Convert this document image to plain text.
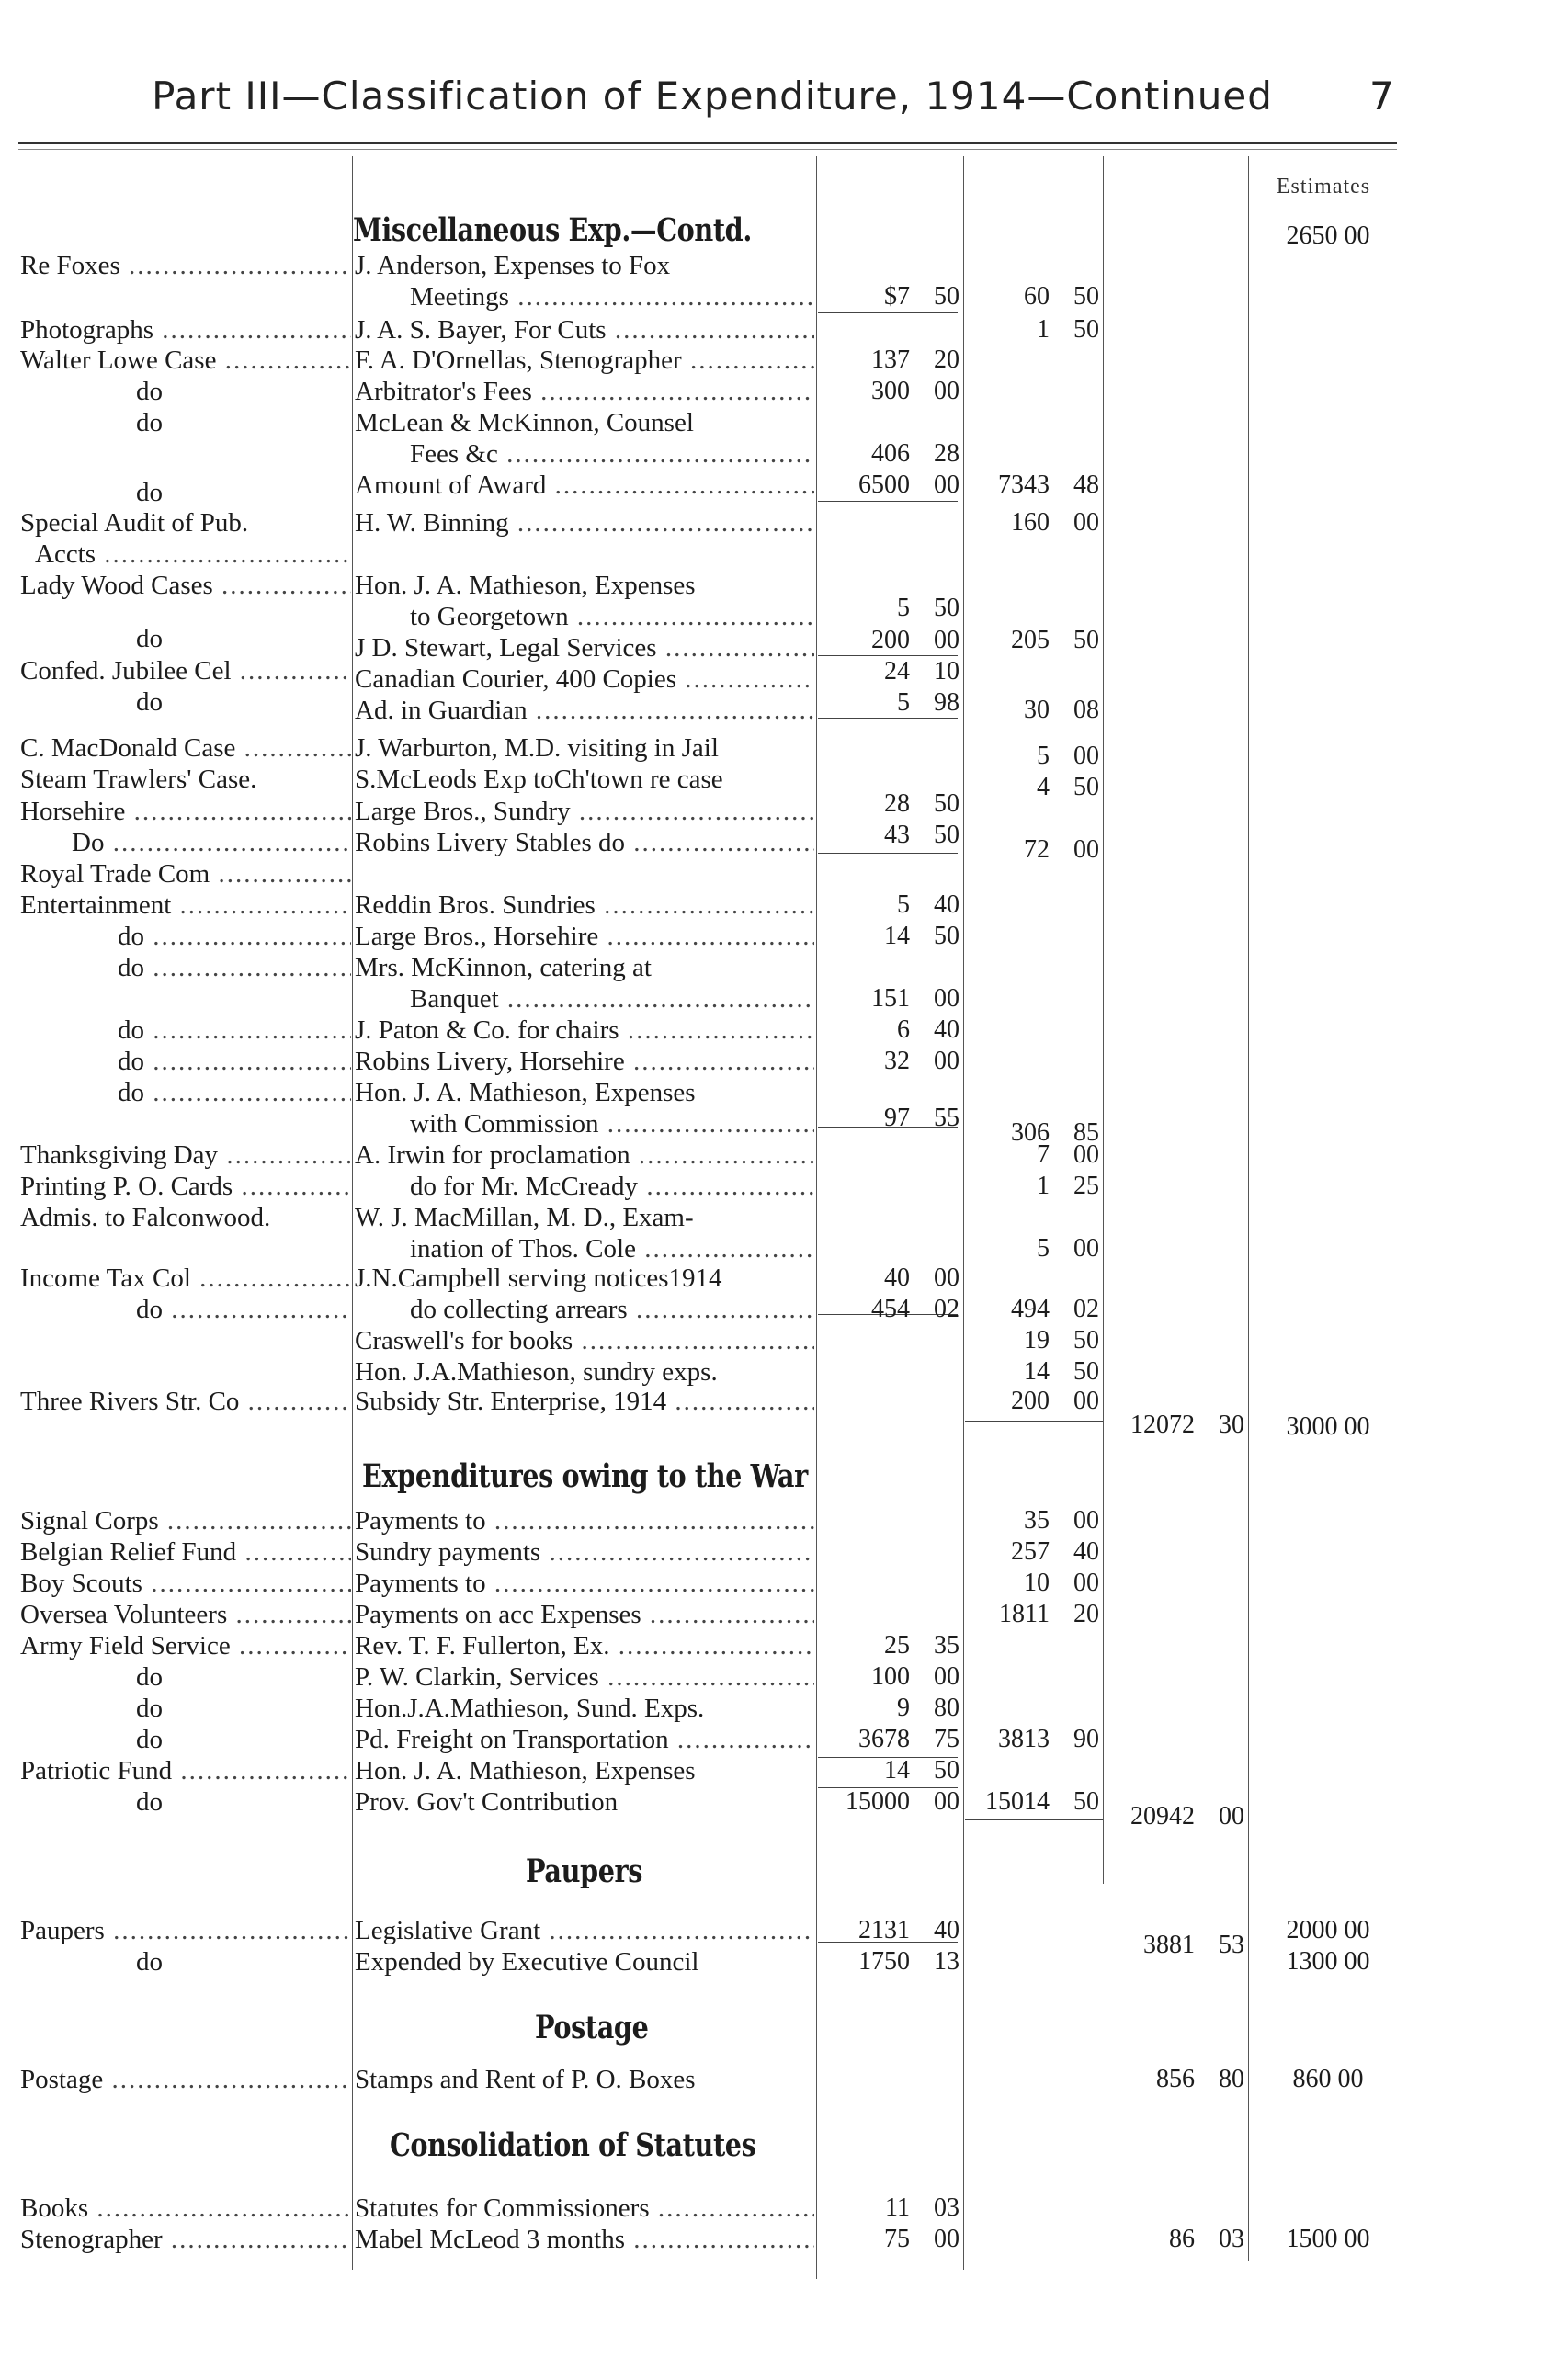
Part III—Classification of Expenditure, 1914—Continued	7
Estimates
Miscellaneous Exp.—Contd.
Expenditures owing to the War
Paupers
Postage
Consolidation of Statutes
Re Foxes .....
Photographs .....
Walter Lowe Case .....
do
do
do
Special Audit of Pub.
Accts .....
Lady Wood Cases .....
do
Confed. Jubilee Cel .....
do
C. MacDonald Case .....
Steam Trawlers' Case.
Horsehire .....
Do .....
Royal Trade Com .....
Entertainment .....
do .....
do .....
do .....
do .....
do .....
Thanksgiving Day .....
Printing P. O. Cards .....
Admis. to Falconwood.
Income Tax Col .....
do .....
Three Rivers Str. Co .....
Signal Corps .....
Belgian Relief Fund .....
Boy Scouts .....
Oversea Volunteers .....
Army Field Service .....
do
do
do
Patriotic Fund .....
do
Paupers .....
do
Postage .....
Books .....
Stenographer .....
J. Anderson, Expenses to Fox
Meetings .....
J. A. S. Bayer, For Cuts .....
F. A. D'Ornellas, Stenographer .....
Arbitrator's Fees .....
McLean & McKinnon, Counsel
Fees &c .....
Amount of Award .....
H. W. Binning .....
Hon. J. A. Mathieson, Expenses
to Georgetown .....
J D. Stewart, Legal Services .....
Canadian Courier, 400 Copies .....
Ad. in Guardian .....
J. Warburton, M.D. visiting in Jail
S.McLeods Exp toCh'town re case
Large Bros., Sundry .....
Robins Livery Stables do .....
Reddin Bros. Sundries .....
Large Bros., Horsehire .....
Mrs. McKinnon, catering at
Banquet .....
J. Paton & Co. for chairs .....
Robins Livery, Horsehire .....
Hon. J. A. Mathieson, Expenses
with Commission .....
A. Irwin for proclamation .....
do for Mr. McCready .....
W. J. MacMillan, M. D., Exam-
ination of Thos. Cole .....
J.N.Campbell serving notices1914
do collecting arrears .....
Craswell's for books .....
Hon. J.A.Mathieson, sundry exps.
Subsidy Str. Enterprise, 1914 .....
Payments to .....
Sundry payments .....
Payments to .....
Payments on acc Expenses .....
Rev. T. F. Fullerton, Ex. .....
P. W. Clarkin, Services .....
Hon.J.A.Mathieson, Sund. Exps.
Pd. Freight on Transportation .....
Hon. J. A. Mathieson, Expenses
Prov. Gov't Contribution
Legislative Grant .....
Expended by Executive Council
Stamps and Rent of P. O. Boxes
Statutes for Commissioners .....
Mabel McLeod 3 months .....
$7 50
137 20
300 00
406 28
6500 00
5 50
200 00
24 10
5 98
28 50
43 50
5 40
14 50
151 00
6 40
32 00
97 55
40 00
454 02
25 35
100 00
9 80
3678 75
14 50
15000 00
2131 40
1750 13
11 03
75 00
60 50
1 50
7343 48
160 00
205 50
30 08
5 00
4 50
72 00
306 85
7 00
1 25
5 00
494 02
19 50
14 50
200 00
35 00
257 40
10 00
1811 20
3813 90
15014 50
12072 30
20942 00
3881 53
856 80
86 03
2650 00
3000 00
2000 00
1300 00
860 00
1500 00
